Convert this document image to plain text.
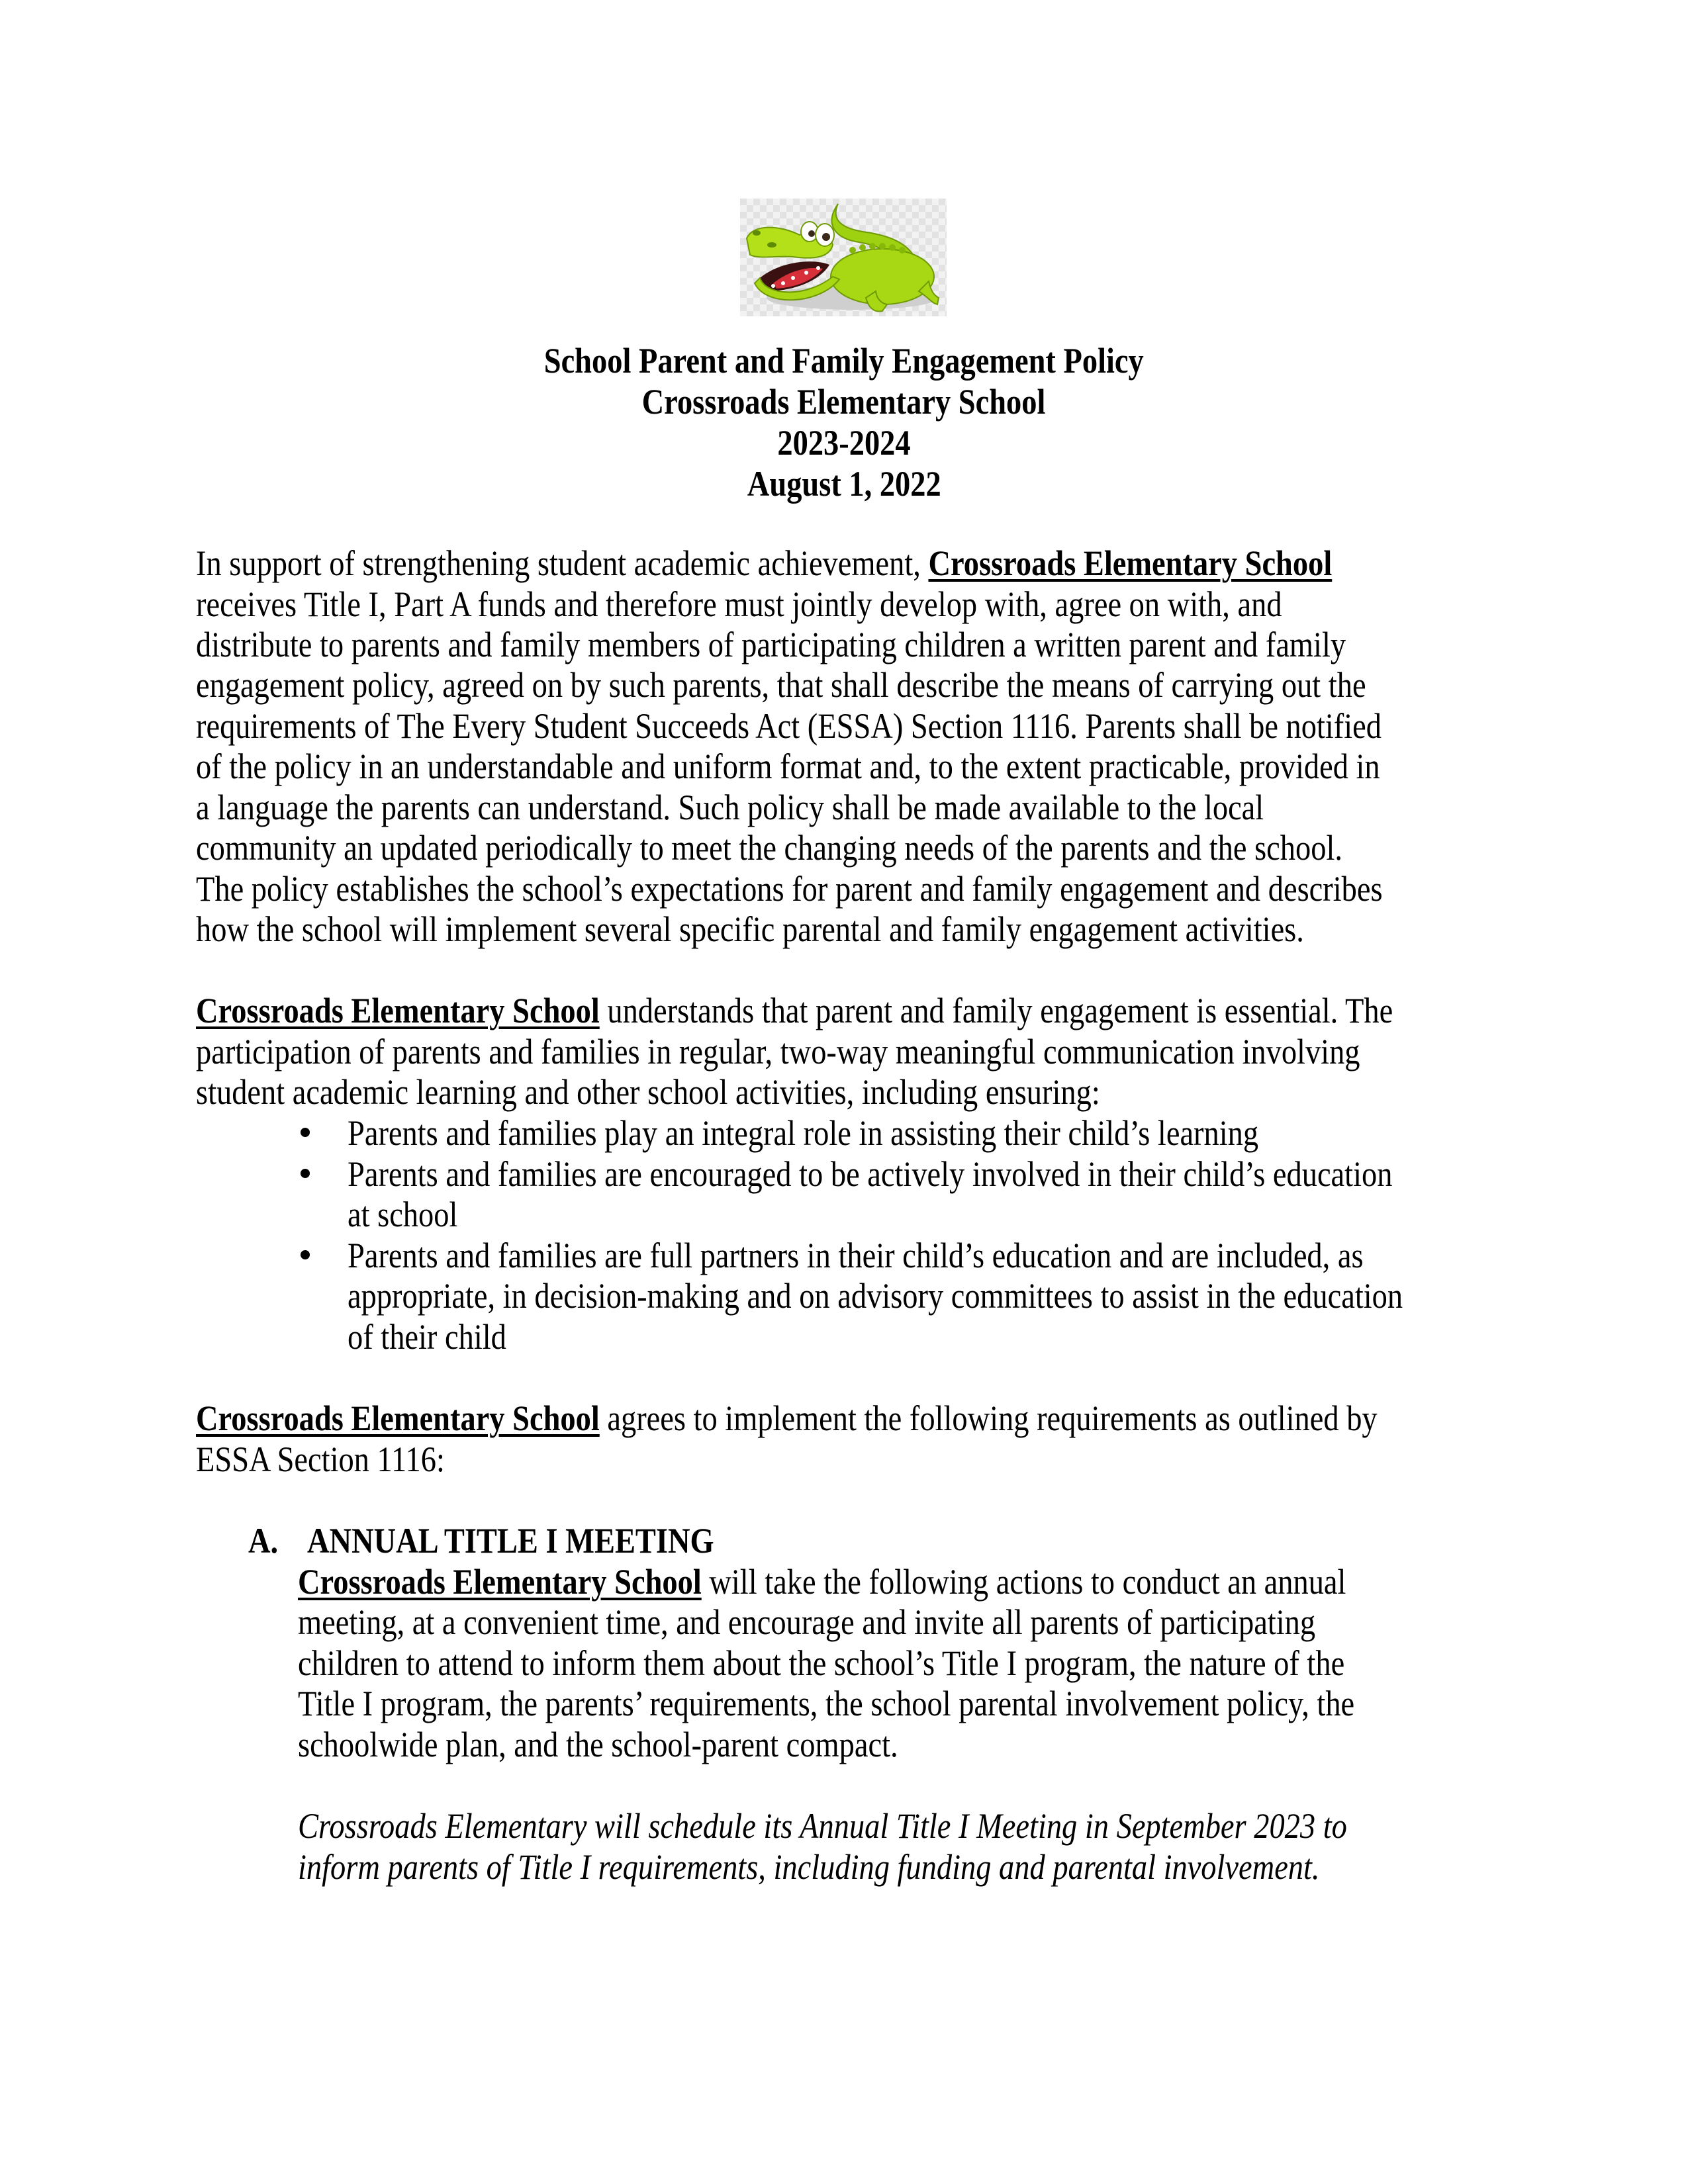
School Parent and Family Engagement Policy
Crossroads Elementary School
2023-2024
August 1, 2022
In support of strengthening student academic achievement, Crossroads Elementary School
receives Title I, Part A funds and therefore must jointly develop with, agree on with, and
distribute to parents and family members of participating children a written parent and family
engagement policy, agreed on by such parents, that shall describe the means of carrying out the
requirements of The Every Student Succeeds Act (ESSA) Section 1116. Parents shall be notified
of the policy in an understandable and uniform format and, to the extent practicable, provided in
a language the parents can understand. Such policy shall be made available to the local
community an updated periodically to meet the changing needs of the parents and the school.
The policy establishes the school’s expectations for parent and family engagement and describes
how the school will implement several specific parental and family engagement activities.
Crossroads Elementary School understands that parent and family engagement is essential. The
participation of parents and families in regular, two-way meaningful communication involving
student academic learning and other school activities, including ensuring:
Parents and families play an integral role in assisting their child’s learning
Parents and families are encouraged to be actively involved in their child’s education
at school
Parents and families are full partners in their child’s education and are included, as
appropriate, in decision-making and on advisory committees to assist in the education
of their child
Crossroads Elementary School agrees to implement the following requirements as outlined by
ESSA Section 1116:
A. ANNUAL TITLE I MEETING
Crossroads Elementary School will take the following actions to conduct an annual
meeting, at a convenient time, and encourage and invite all parents of participating
children to attend to inform them about the school’s Title I program, the nature of the
Title I program, the parents’ requirements, the school parental involvement policy, the
schoolwide plan, and the school-parent compact.
Crossroads Elementary will schedule its Annual Title I Meeting in September 2023 to
inform parents of Title I requirements, including funding and parental involvement.
